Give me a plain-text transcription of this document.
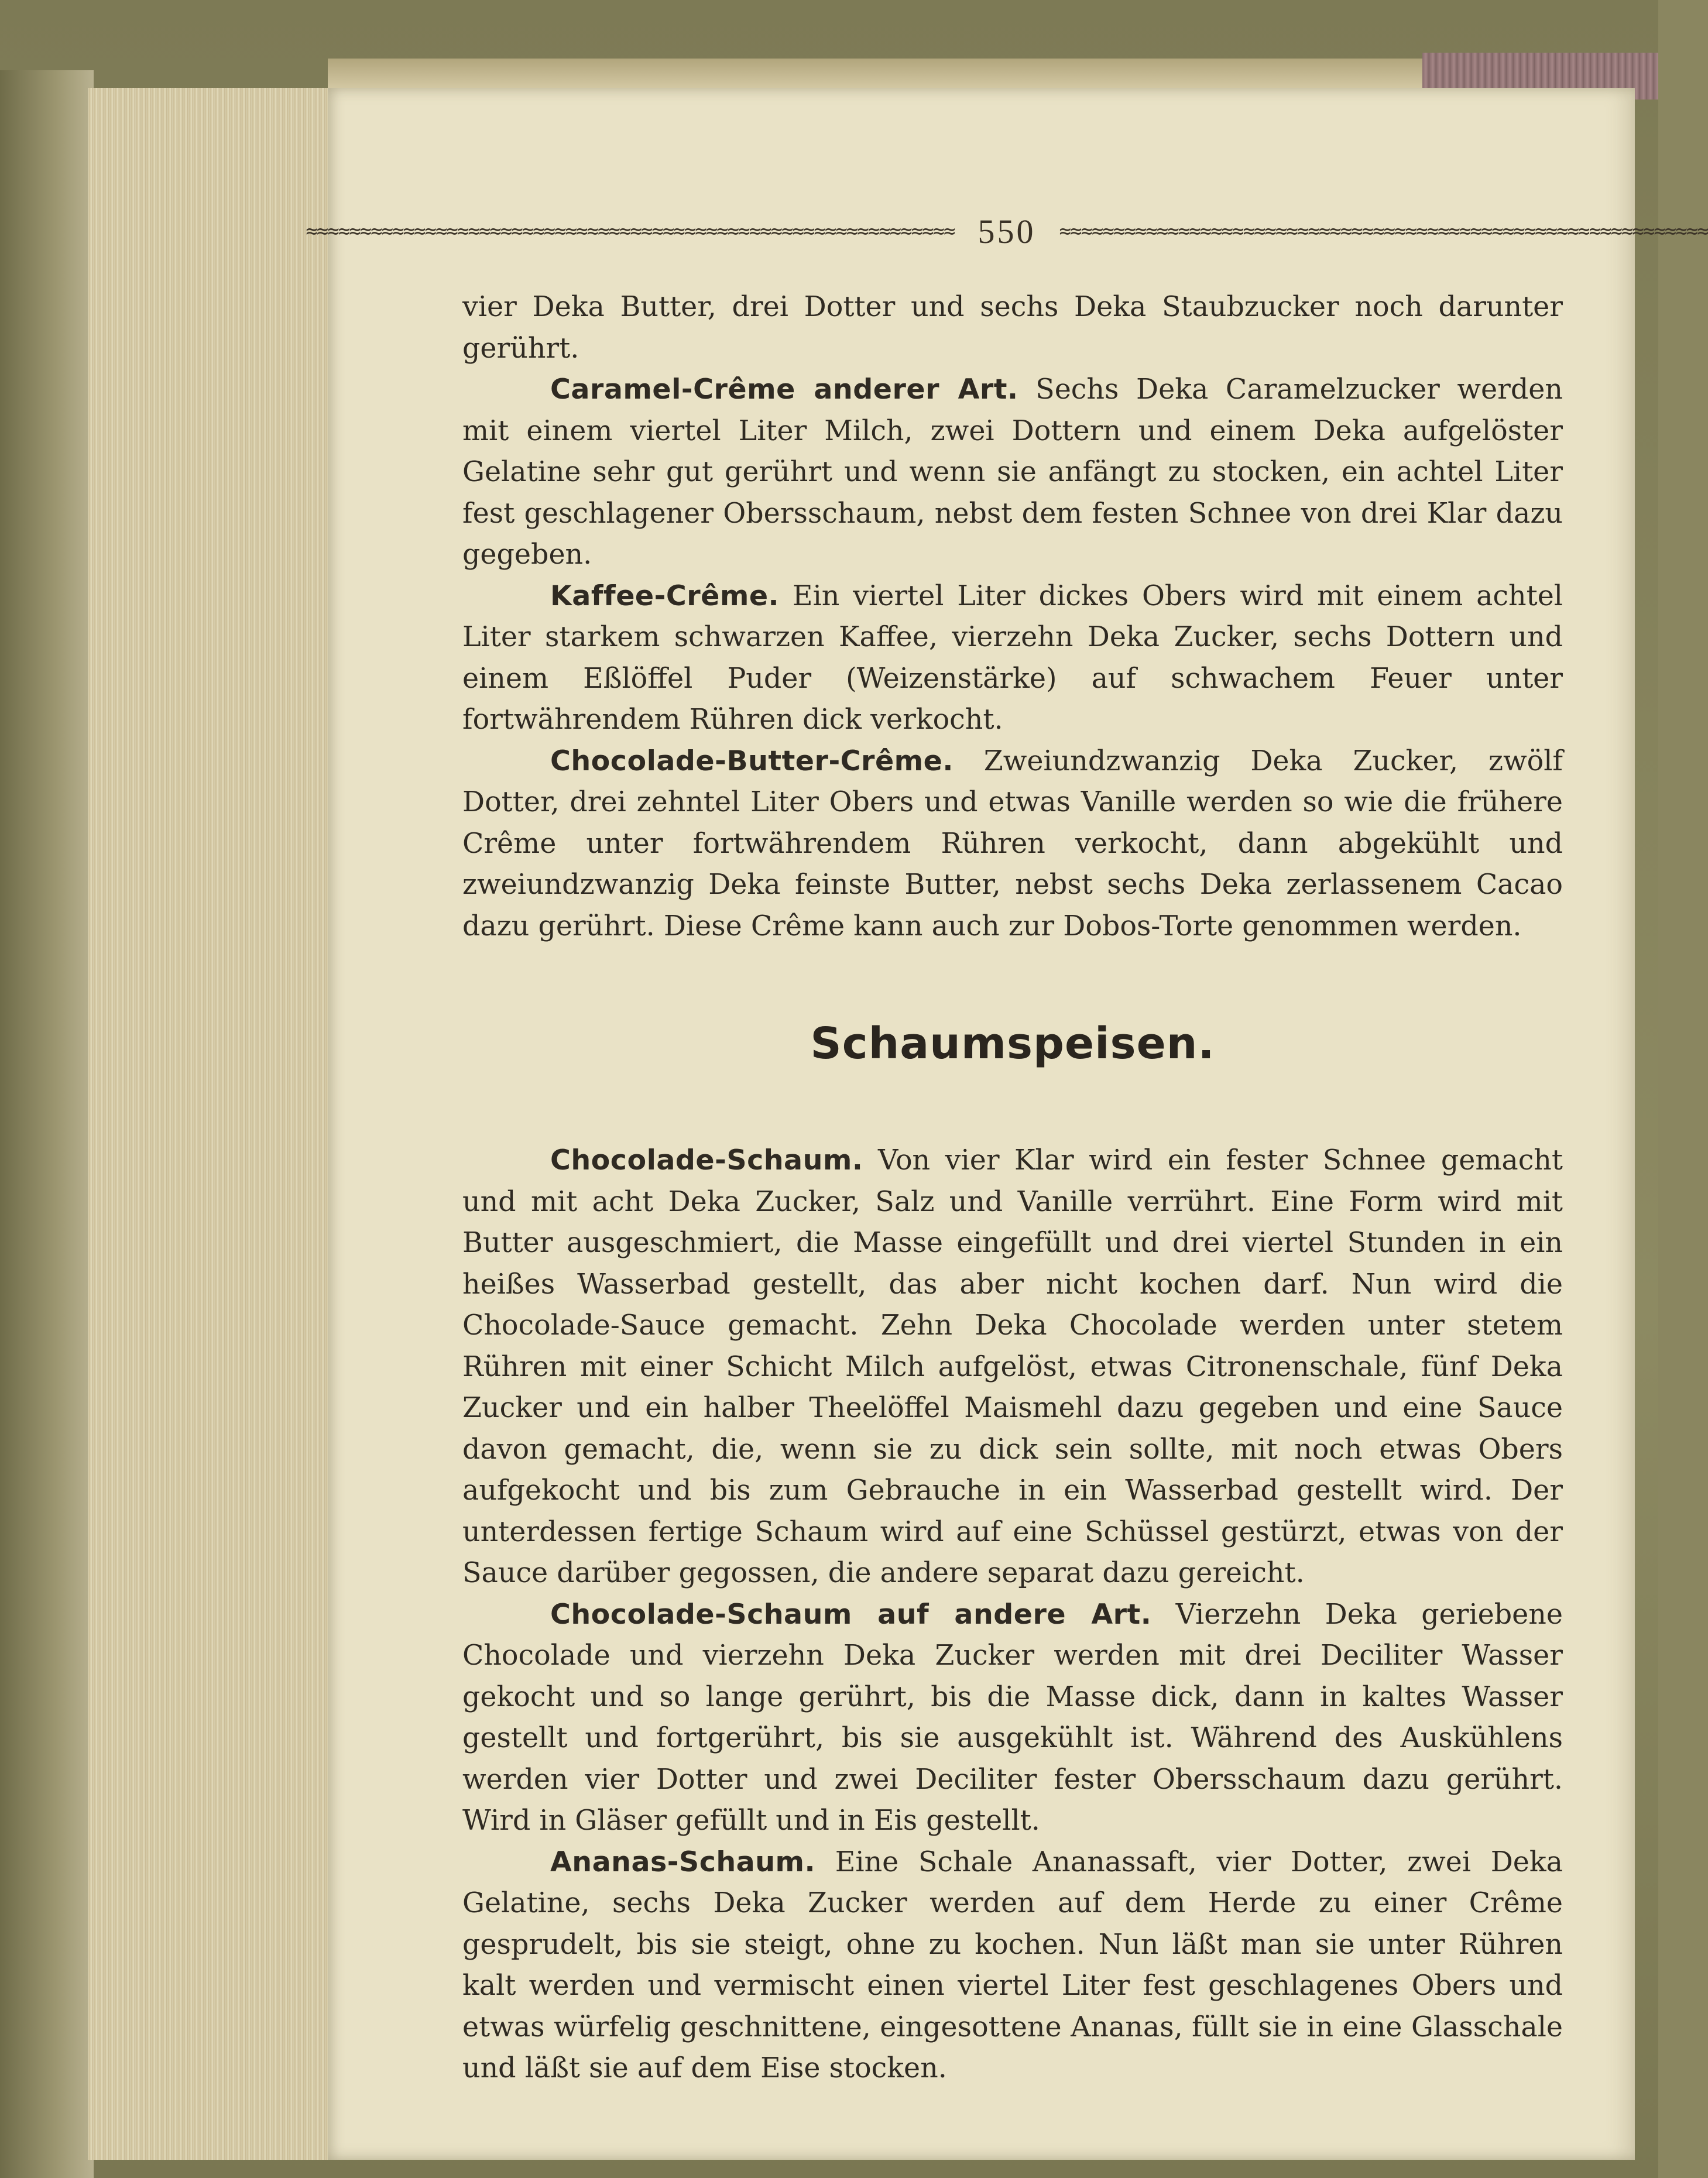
≈≈≈≈≈≈≈≈≈≈≈≈≈≈≈≈≈≈≈≈≈≈≈≈≈≈≈≈≈≈≈≈≈≈≈≈≈≈≈≈≈≈≈≈≈≈≈≈≈≈≈≈≈≈≈≈≈≈≈≈ 550 ≈≈≈≈≈≈≈≈≈≈≈≈≈≈≈≈≈≈≈≈≈≈≈≈≈≈≈≈≈≈≈≈≈≈≈≈≈≈≈≈≈≈≈≈≈≈≈≈≈≈≈≈≈≈≈≈≈≈≈≈

vier Deka Butter, drei Dotter und sechs Deka Staubzucker noch darunter gerührt.

Caramel-Crême anderer Art. Sechs Deka Caramelzucker werden mit einem viertel Liter Milch, zwei Dottern und einem Deka aufgelöster Gelatine sehr gut gerührt und wenn sie anfängt zu stocken, ein achtel Liter fest geschlagener Oberssсhaum, nebst dem festen Schnee von drei Klar dazu gegeben.

Kaffee-Crême. Ein viertel Liter dickes Obers wird mit einem achtel Liter starkem schwarzen Kaffee, vierzehn Deka Zucker, sechs Dottern und einem Eßlöffel Puder (Weizenstärke) auf schwachem Feuer unter fortwährendem Rühren dick verkocht.

Chocolade-Butter-Crême. Zweiundzwanzig Deka Zucker, zwölf Dotter, drei zehntel Liter Obers und etwas Vanille werden so wie die frühere Crême unter fortwährendem Rühren verkocht, dann abgekühlt und zweiundzwanzig Deka feinste Butter, nebst sechs Deka zerlassenem Cacao dazu gerührt. Diese Crême kann auch zur Dobos-Torte genommen werden.

Schaumspeisen.

Chocolade-Schaum. Von vier Klar wird ein fester Schnee gemacht und mit acht Deka Zucker, Salz und Vanille verrührt. Eine Form wird mit Butter ausgeschmiert, die Masse eingefüllt und drei viertel Stunden in ein heißes Wasserbad gestellt, das aber nicht kochen darf. Nun wird die Chocolade-Sauce gemacht. Zehn Deka Chocolade werden unter stetem Rühren mit einer Schicht Milch aufgelöst, etwas Citronenschale, fünf Deka Zucker und ein halber Theelöffel Maismehl dazu gegeben und eine Sauce davon gemacht, die, wenn sie zu dick sein sollte, mit noch etwas Obers aufgekocht und bis zum Gebrauche in ein Wasserbad gestellt wird. Der unterdessen fertige Schaum wird auf eine Schüssel gestürzt, etwas von der Sauce darüber gegossen, die andere separat dazu gereicht.

Chocolade-Schaum auf andere Art. Vierzehn Deka geriebene Chocolade und vierzehn Deka Zucker werden mit drei Deciliter Wasser gekocht und so lange gerührt, bis die Masse dick, dann in kaltes Wasser gestellt und fortgerührt, bis sie ausgekühlt ist. Während des Auskühlens werden vier Dotter und zwei Deciliter fester Oberssсhaum dazu gerührt. Wird in Gläser gefüllt und in Eis gestellt.

Ananas-Schaum. Eine Schale Ananassaft, vier Dotter, zwei Deka Gelatine, sechs Deka Zucker werden auf dem Herde zu einer Crême gesprudelt, bis sie steigt, ohne zu kochen. Nun läßt man sie unter Rühren kalt werden und vermischt einen viertel Liter fest geschlagenes Obers und etwas würfelig geschnittene, eingesottene Ananas, füllt sie in eine Glasschale und läßt sie auf dem Eise stocken.
